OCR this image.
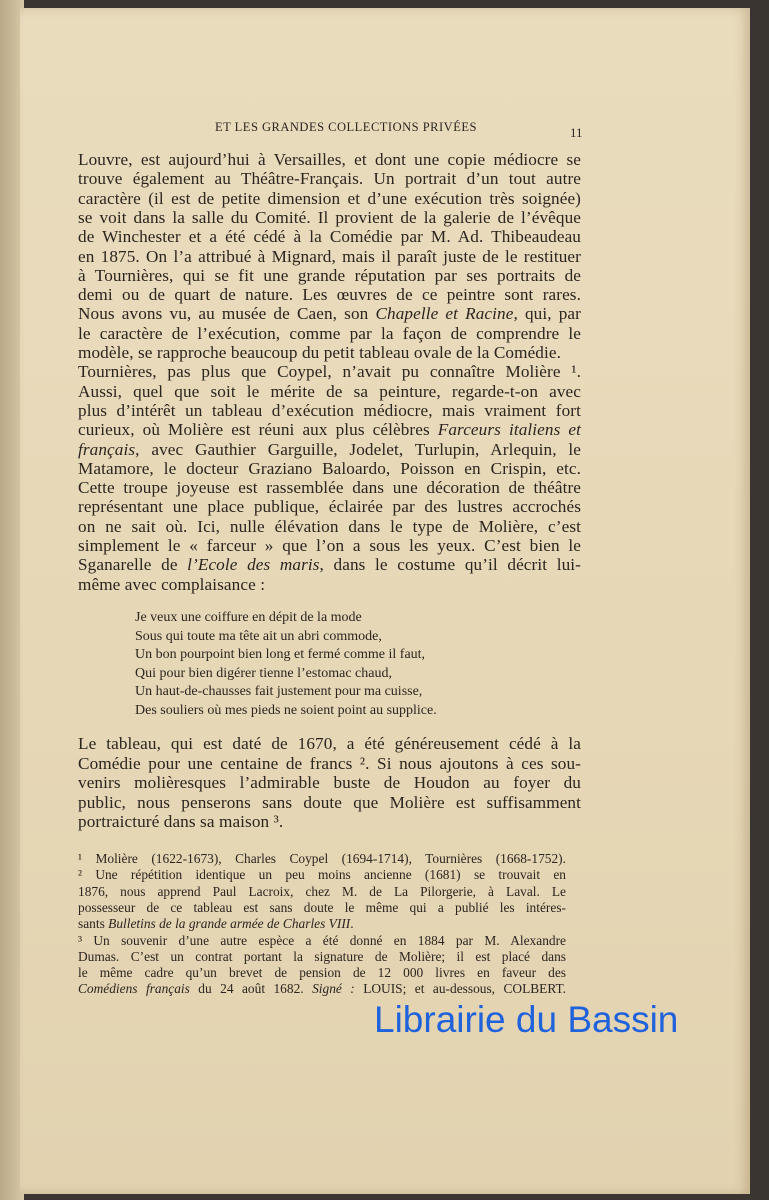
ET LES GRANDES COLLECTIONS PRIVÉES	11
Louvre, est aujourd’hui à Versailles, et dont une copie médiocre se
trouve également au Théâtre-Français. Un portrait d’un tout autre
caractère (il est de petite dimension et d’une exécution très soignée)
se voit dans la salle du Comité. Il provient de la galerie de l’évêque
de Winchester et a été cédé à la Comédie par M. Ad. Thibeaudeau
en 1875. On l’a attribué à Mignard, mais il paraît juste de le restituer
à Tournières, qui se fit une grande réputation par ses portraits de
demi ou de quart de nature. Les œuvres de ce peintre sont rares.
Nous avons vu, au musée de Caen, son Chapelle et Racine, qui, par
le caractère de l’exécution, comme par la façon de comprendre le
modèle, se rapproche beaucoup du petit tableau ovale de la Comédie.
Tournières, pas plus que Coypel, n’avait pu connaître Molière ¹.
Aussi, quel que soit le mérite de sa peinture, regarde-t-on avec
plus d’intérêt un tableau d’exécution médiocre, mais vraiment fort
curieux, où Molière est réuni aux plus célèbres Farceurs italiens et
français, avec Gauthier Garguille, Jodelet, Turlupin, Arlequin, le
Matamore, le docteur Graziano Baloardo, Poisson en Crispin, etc.
Cette troupe joyeuse est rassemblée dans une décoration de théâtre
représentant une place publique, éclairée par des lustres accrochés
on ne sait où. Ici, nulle élévation dans le type de Molière, c’est
simplement le « farceur » que l’on a sous les yeux. C’est bien le
Sganarelle de l’Ecole des maris, dans le costume qu’il décrit lui-
même avec complaisance :
Je veux une coiffure en dépit de la mode
Sous qui toute ma tête ait un abri commode,
Un bon pourpoint bien long et fermé comme il faut,
Qui pour bien digérer tienne l’estomac chaud,
Un haut-de-chausses fait justement pour ma cuisse,
Des souliers où mes pieds ne soient point au supplice.
Le tableau, qui est daté de 1670, a été généreusement cédé à la
Comédie pour une centaine de francs ². Si nous ajoutons à ces sou-
venirs molièresques l’admirable buste de Houdon au foyer du
public, nous penserons sans doute que Molière est suffisamment
portraicturé dans sa maison ³.
¹ Molière (1622-1673), Charles Coypel (1694-1714), Tournières (1668-1752).
² Une répétition identique un peu moins ancienne (1681) se trouvait en
1876, nous apprend Paul Lacroix, chez M. de La Pilorgerie, à Laval. Le
possesseur de ce tableau est sans doute le même qui a publié les intéres-
sants Bulletins de la grande armée de Charles VIII.
³ Un souvenir d’une autre espèce a été donné en 1884 par M. Alexandre
Dumas. C’est un contrat portant la signature de Molière; il est placé dans
le même cadre qu’un brevet de pension de 12 000 livres en faveur des
Comédiens français du 24 août 1682. Signé : LOUIS; et au-dessous, COLBERT.
Librairie du Bassin
